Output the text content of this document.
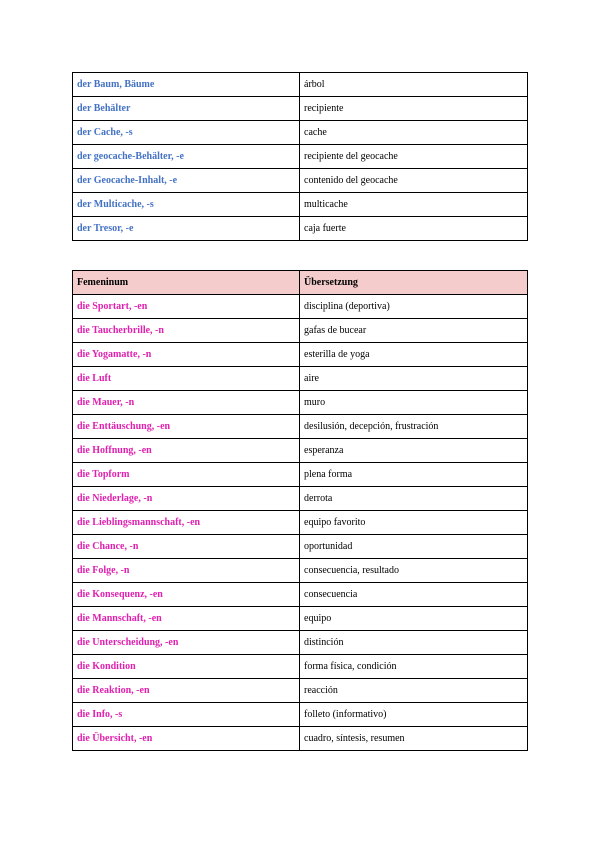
der Baum, Bäume	árbol
der Behälter	recipiente
der Cache, -s	cache
der geocache-Behälter, -e	recipiente del geocache
der Geocache-Inhalt, -e	contenido del geocache
der Multicache, -s	multicache
der Tresor, -e	caja fuerte
Femeninum	Übersetzung
die Sportart, -en	disciplina (deportiva)
die Taucherbrille, -n	gafas de bucear
die Yogamatte, -n	esterilla de yoga
die Luft	aire
die Mauer, -n	muro
die Enttäuschung, -en	desilusión, decepción, frustración
die Hoffnung, -en	esperanza
die Topform	plena forma
die Niederlage, -n	derrota
die Lieblingsmannschaft, -en	equipo favorito
die Chance, -n	oportunidad
die Folge, -n	consecuencia, resultado
die Konsequenz, -en	consecuencia
die Mannschaft, -en	equipo
die Unterscheidung, -en	distinción
die Kondition	forma física, condición
die Reaktion, -en	reacción
die Info, -s	folleto (informativo)
die Übersicht, -en	cuadro, síntesis, resumen
